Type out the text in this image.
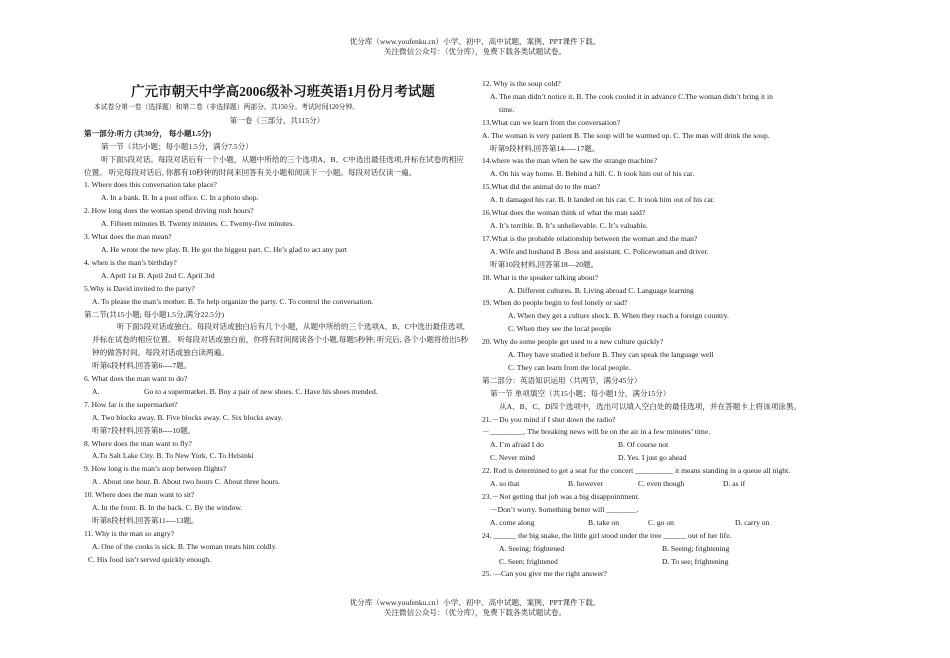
优分库（www.youfenku.cn）小学、初中、高中试题、案例、PPT课件下载。
关注微信公众号：（优分库），免费下载各类试题试卷。
广元市朝天中学高2006级补习班英语1月份月考试题
本试卷分第一卷（选择题）和第二卷（非选择题）两部分。共150分。考试时间120分钟。
第一卷（三部分，共115分）
第一部分:听力 (共30分， 每小题1.5分)
第一节（共5小题；每小题1.5分，满分7.5分）
听下面5段对话。每段对话后有一个小题，从题中所给的三个选项A、B、C中选出最佳选项,并标在试卷的相应位置。 听完每段对话后, 你都有10秒钟的时间来回答有关小题和阅读下一小题。每段对话仅读一遍。
1. Where does this conversation take place?
A. In a bank. B. In a post office. C. In a photo shop.
2. How long does the woman spend driving rush hours?
A. Fifteen minutes B. Twenty minutes. C. Twenty-five minutes.
3. What does the man mean?
A. He wrote the new play. B. He got the biggest part. C. He’s glad to act any part
4. when is the man’s birthday?
A. April 1st B. April 2nd C. April 3rd
5.Why is David invited to the party?
A. To please the man’s mother. B. To help organize the party. C. To control the conversation.
第二节(共15小题; 每小题1.5分,满分22.5分)
听下面5段对话或独白。每段对话或独白后有几个小题，从题中所给的三个选项A、B、C中选出最佳选项,并标在试卷的相应位置。 听每段对话或独白前，你将有时间阅读各个小题,每题5秒钟; 听完后, 各个小题将给出5秒钟的做答时间。每段对话或独白读两遍。
听第6段材料,回答第6----7题。
6. What does the man want to do?
A.	Go to a supermarket. B. Buy a pair of new shoes. C. Have his shoes mended.
7. How far is the supermarket?
A. Two blocks away. B. Five blocks away. C. Six blocks away.
听第7段材料,回答第8----10题。
8. Where does the man want to fly?
A.To Salt Lake City. B. To New York. C. To Helsinki
9. How long is the man’s stop between flights?
A . About one hour. B. About two hours C. About three hours.
10. Where does the man want to sit?
A. In the front. B. In the back. C. By the window.
听第8段材料,回答第11----13题。
11. Why is the man so angry?
A. One of the cooks is sick. B. The woman treats him coldly.
C. His food isn’t served quickly enough.
12. Why is the soup cold?
A. The man didn’t notice it. B. The cook cooled it in advance C.The woman didn’t bring it in
time.
13.What can we learn from the conversation?
A. The woman is very patient B. The soup will be warmed up. C. The man will drink the soup.
听第9段材料,回答第14-----17题。
14.where was the man when he saw the strange machine?
A. On his way home. B. Behind a hill. C. It took him out of his car.
15.What did the animal do to the man?
A. It damaged his car. B. It landed on his car. C. It took him out of his car.
16.What does the woman think of what the man said?
A. It’s terrible. B. It’s unbelievable. C. It’s valuable.
17.What is the probable relationship between the woman and the man?
A. Wife and husband B .Boss and assistant. C. Policewoman and driver.
听第10段材料,回答第18—20题。
18. What is the speaker talking about?
A. Different cultures. B. Living abroad C. Language learning
19. When do people begin to feel lonely or sad?
A. When they get a culture shock. B. When they reach a foreign country.
C. When they see the local people
20. Why do some people get used to a new culture quickly?
A. They have studied it before B. They can speak the language well
C. They can learn from the local people.
第二部分：英语知识运用（共两节，满分45分）
第一节 单项填空（共15小题；每小题1分，满分15分）
从A、B、C、D四个选项中，选出可以填入空白处的最佳选项，并在答题卡上将该项涂黑。
21.－Do you mind if I shut down the radio?
－_________. The breaking news will be on the air in a few minutes’ time.
A. I’m afraid I do	B. Of course not
C. Never mind	D. Yes. I just go ahead
22. Rod is determined to get a seat for the concert __________ it means standing in a queue all night.
A. so that	B. however	C. even though	D. as if
23.－Not getting that job was a big disappointment.
－Don’t worry. Something better will ________.
A. come along	B. take on	C. go on	D. carry on
24. ______ the big snake, the little girl stood under the tree ______ out of her life.
A. Seeing; frightened	B. Seeing; frightening
C. Seen; frightened	D. To see; frightening
25. —Can you give me the right answer?
优分库（www.youfenku.cn）小学、初中、高中试题、案例、PPT课件下载。
关注微信公众号：（优分库），免费下载各类试题试卷。
